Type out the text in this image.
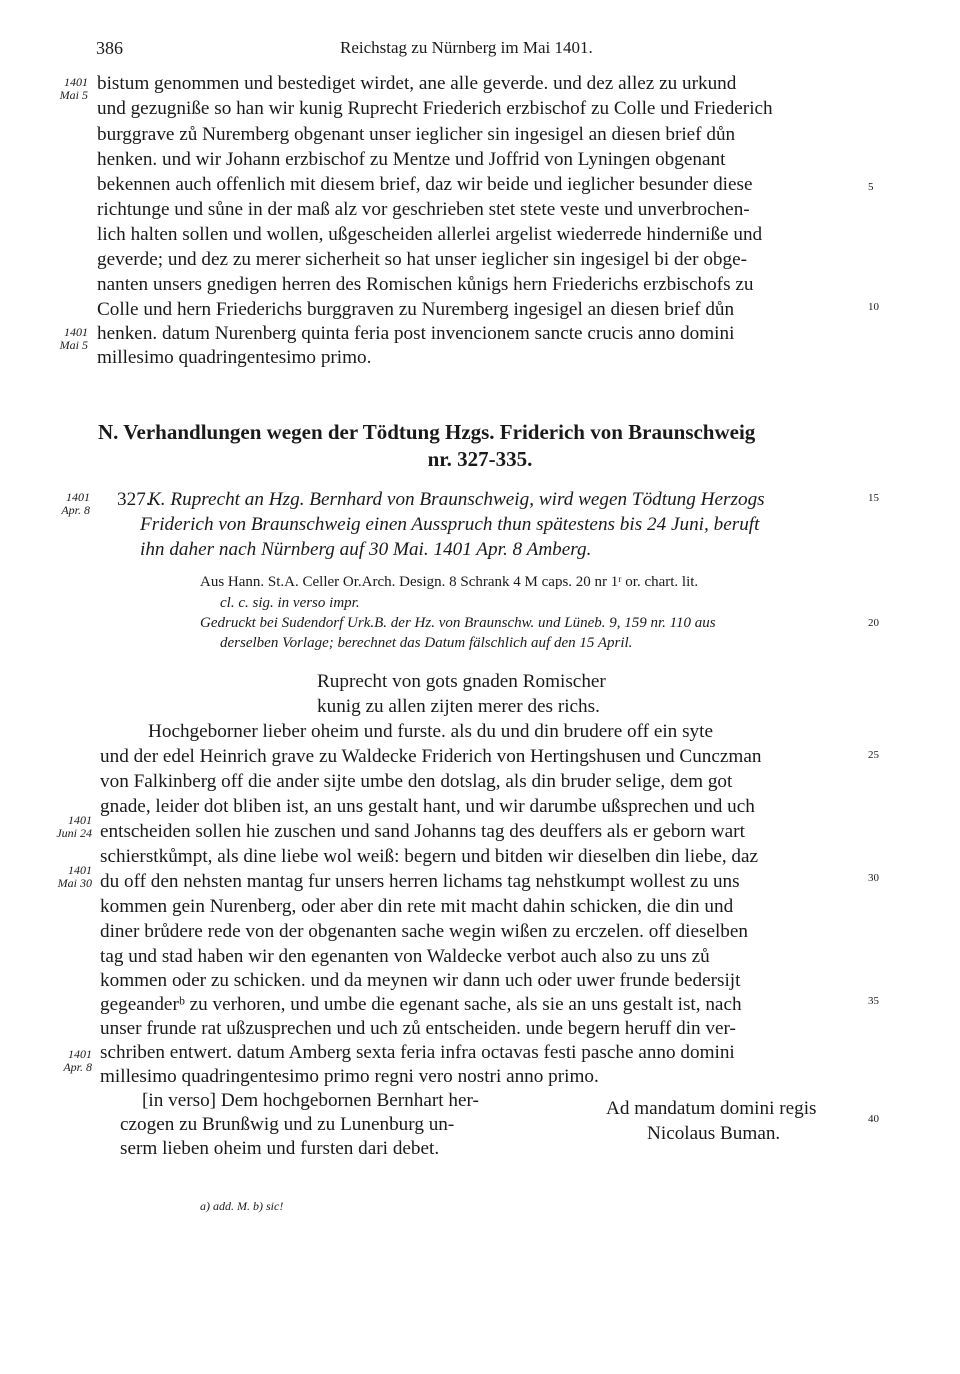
386	Reichstag zu Nürnberg im Mai 1401.
bistum genommen und bestediget wirdet, ane alle geverde. und dez allez zu urkund
und gezugniße so han wir kunig Ruprecht Friederich erzbischof zu Colle und Friederich
burggrave zů Nuremberg obgenant unser ieglicher sin ingesigel an diesen brief důn
henken. und wir Johann erzbischof zu Mentze und Joffrid von Lyningen obgenant
bekennen auch offenlich mit diesem brief, daz wir beide und ieglicher besunder diese
richtunge und sůne in der maß alz vor geschrieben stet stete veste und unverbrochen-
lich halten sollen und wollen, ußgescheiden allerlei argelist wiederrede hinderniße und
geverde; und dez zu merer sicherheit so hat unser ieglicher sin ingesigel bi der obge-
nanten unsers gnedigen herren des Romischen kůnigs hern Friederichs erzbischofs zu
Colle und hern Friederichs burggraven zu Nuremberg ingesigel an diesen brief důn
henken. datum Nurenberg quinta feria post invencionem sancte crucis anno domini
millesimo quadringentesimo primo.
1401
Mai 5
1401
Mai 5
5
10
N. Verhandlungen wegen der Tödtung Hzgs. Friderich von Braunschweig
nr. 327-335.
327.
K. Ruprecht an Hzg. Bernhard von Braunschweig, wird wegen Tödtung Herzogs
Friderich von Braunschweig einen Ausspruch thun spätestens bis 24 Juni, beruft
ihn daher nach Nürnberg auf 30 Mai. 1401 Apr. 8 Amberg.
1401
Apr. 8
15
Aus Hann. St.A. Celler Or.Arch. Design. 8 Schrank 4 M caps. 20 nr 1ʳ or. chart. lit.
cl. c. sig. in verso impr.
Gedruckt bei Sudendorf Urk.B. der Hz. von Braunschw. und Lüneb. 9, 159 nr. 110 aus
derselben Vorlage; berechnet das Datum fälschlich auf den 15 April.
20
Ruprecht von gots gnaden Romischer
kunig zu allen zijten merer des richs.
Hochgeborner lieber oheim und furste. als du und din brudere off ein syte
und der edel Heinrich grave zu Waldecke Friderich von Hertingshusen und Cunczman
von Falkinberg off die ander sijte umbe den dotslag, als din bruder selige, dem got
gnade, leider dot bliben ist, an uns gestalt hant, und wir darumbe ußsprechen und uch
entscheiden sollen hie zuschen und sand Johanns tag des deuffers als er geborn wart
schierstkůmpt, als dine liebe wol weiß: begern und bitden wir dieselben din liebe, daz
du off den nehsten mantag fur unsers herren lichams tag nehstkumpt wollest zu uns
kommen gein Nurenberg, oder aber din rete mit macht dahin schicken, die din und
diner brůdere rede von der obgenanten sache wegin wißen zu erczelen. off dieselben
tag und stad haben wir den egenanten von Waldecke verbot auch also zu uns zů
kommen oder zu schicken. und da meynen wir dann uch oder uwer frunde bedersijt
gegeanderᵇ zu verhoren, und umbe die egenant sache, als sie an uns gestalt ist, nach
unser frunde rat ußzusprechen und uch zů entscheiden. unde begern heruff din ver-
schriben entwert. datum Amberg sexta feria infra octavas festi pasche anno domini
millesimo quadringentesimo primo regni vero nostri anno primo.
1401
Juni 24
1401
Mai 30
1401
Apr. 8
25
30
35
40
[in verso] Dem hochgebornen Bernhart her-
czogen zu Brunßwig und zu Lunenburg un-
serm lieben oheim und fursten dari debet.
Ad mandatum domini regis
Nicolaus Buman.
a) add. M. b) sic!
